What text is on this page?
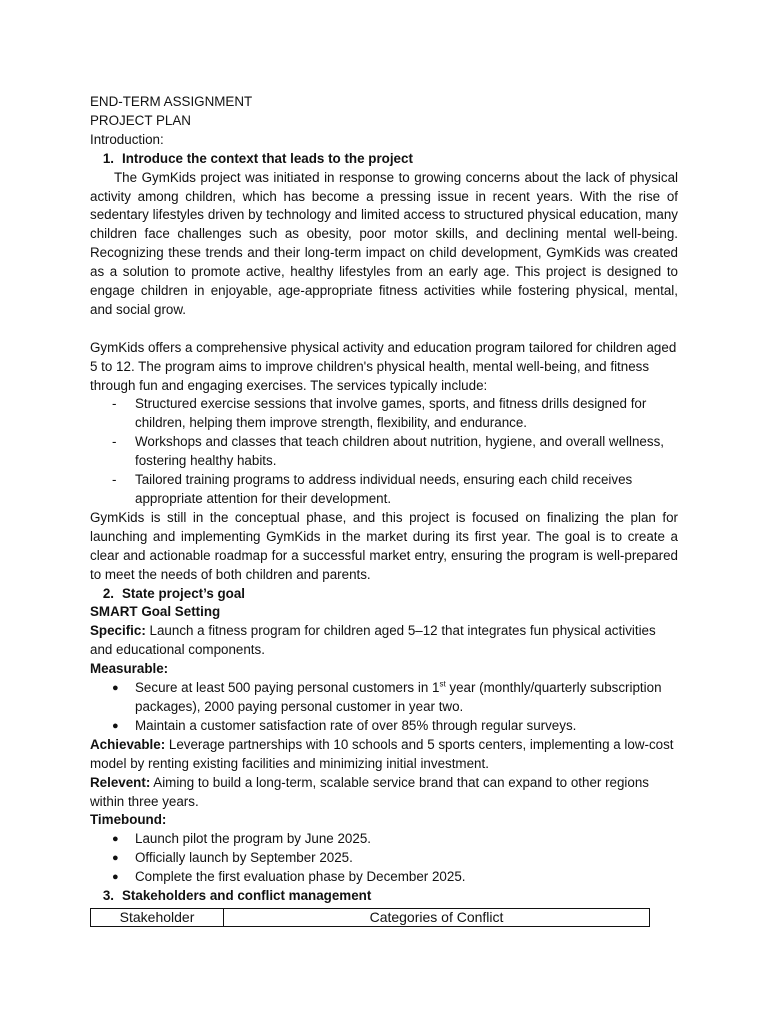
END-TERM ASSIGNMENT
PROJECT PLAN
Introduction:
1. Introduce the context that leads to the project
The GymKids project was initiated in response to growing concerns about the lack of physical activity among children, which has become a pressing issue in recent years. With the rise of sedentary lifestyles driven by technology and limited access to structured physical education, many children face challenges such as obesity, poor motor skills, and declining mental well-being. Recognizing these trends and their long-term impact on child development, GymKids was created as a solution to promote active, healthy lifestyles from an early age. This project is designed to engage children in enjoyable, age-appropriate fitness activities while fostering physical, mental, and social grow.
GymKids offers a comprehensive physical activity and education program tailored for children aged 5 to 12. The program aims to improve children's physical health, mental well-being, and fitness through fun and engaging exercises. The services typically include:
-	Structured exercise sessions that involve games, sports, and fitness drills designed for children, helping them improve strength, flexibility, and endurance.
-	Workshops and classes that teach children about nutrition, hygiene, and overall wellness, fostering healthy habits.
-	Tailored training programs to address individual needs, ensuring each child receives appropriate attention for their development.
GymKids is still in the conceptual phase, and this project is focused on finalizing the plan for launching and implementing GymKids in the market during its first year. The goal is to create a clear and actionable roadmap for a successful market entry, ensuring the program is well-prepared to meet the needs of both children and parents.
2. State project’s goal
SMART Goal Setting
Specific: Launch a fitness program for children aged 5–12 that integrates fun physical activities and educational components.
Measurable:
●	Secure at least 500 paying personal customers in 1st year (monthly/quarterly subscription packages), 2000 paying personal customer in year two.
●	Maintain a customer satisfaction rate of over 85% through regular surveys.
Achievable: Leverage partnerships with 10 schools and 5 sports centers, implementing a low-cost model by renting existing facilities and minimizing initial investment.
Relevent: Aiming to build a long-term, scalable service brand that can expand to other regions within three years.
Timebound:
●	Launch pilot the program by June 2025.
●	Officially launch by September 2025.
●	Complete the first evaluation phase by December 2025.
3. Stakeholders and conflict management
Stakeholder	Categories of Conflict
